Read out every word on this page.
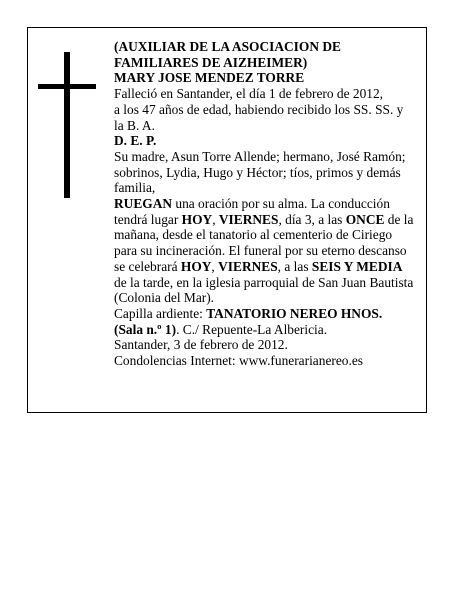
(AUXILIAR DE LA ASOCIACION DE

FAMILIARES DE AIZHEIMER)

MARY JOSE MENDEZ TORRE

Falleció en Santander, el día 1 de febrero de 2012,

a los 47 años de edad, habiendo recibido los SS. SS. y

la B. A.

D. E. P.

Su madre, Asun Torre Allende; hermano, José Ramón;

sobrinos, Lydia, Hugo y Héctor; tíos, primos y demás

familia,

RUEGAN una oración por su alma. La conducción

tendrá lugar HOY, VIERNES, día 3, a las ONCE de la

mañana, desde el tanatorio al cementerio de Ciriego

para su incineración. El funeral por su eterno descanso

se celebrará HOY, VIERNES, a las SEIS Y MEDIA

de la tarde, en la iglesia parroquial de San Juan Bautista

(Colonia del Mar).

Capilla ardiente: TANATORIO NEREO HNOS.

(Sala n.º 1). C./ Repuente-La Albericia.

Santander, 3 de febrero de 2012.

Condolencias Internet: www.funerarianereo.es
